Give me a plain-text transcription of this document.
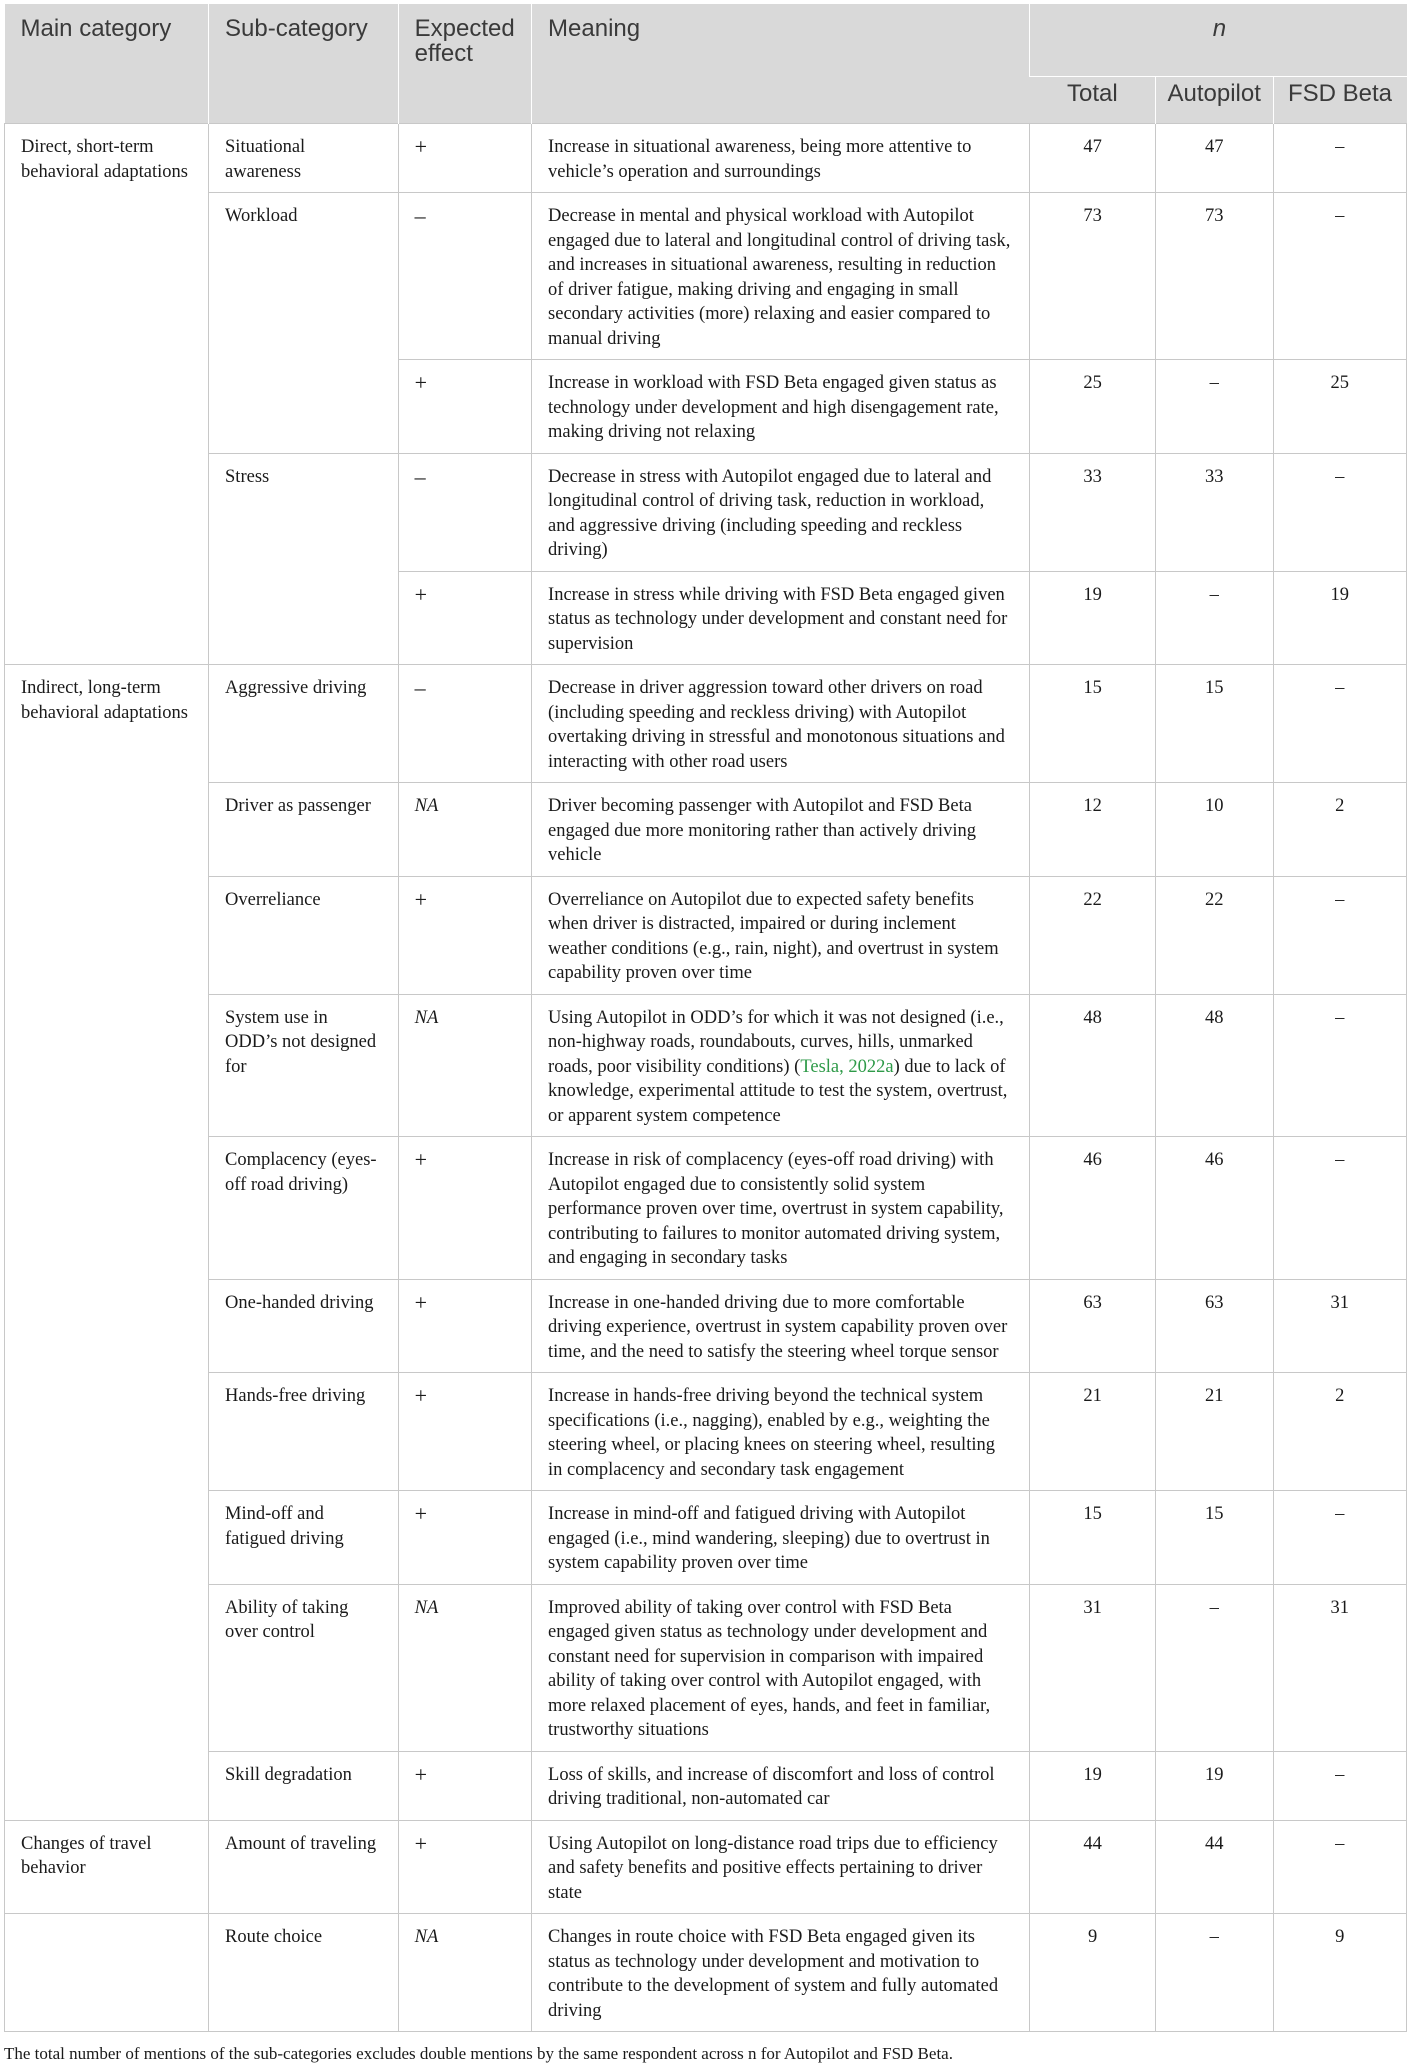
Main category	Sub-category	Expected effect	Meaning	n		
				Total	Autopilot	FSD Beta
Direct, short-term behavioral adaptations	Situational awareness	+	Increase in situational awareness, being more attentive to vehicle’s operation and surroundings	47	47	–
	Workload	–	Decrease in mental and physical workload with Autopilot engaged due to lateral and longitudinal control of driving task, and increases in situational awareness, resulting in reduction of driver fatigue, making driving and engaging in small secondary activities (more) relaxing and easier compared to manual driving	73	73	–
		+	Increase in workload with FSD Beta engaged given status as technology under development and high disengagement rate, making driving not relaxing	25	–	25
	Stress	–	Decrease in stress with Autopilot engaged due to lateral and longitudinal control of driving task, reduction in workload, and aggressive driving (including speeding and reckless driving)	33	33	–
		+	Increase in stress while driving with FSD Beta engaged given status as technology under development and constant need for supervision	19	–	19
Indirect, long-term behavioral adaptations	Aggressive driving	–	Decrease in driver aggression toward other drivers on road (including speeding and reckless driving) with Autopilot overtaking driving in stressful and monotonous situations and interacting with other road users	15	15	–
	Driver as passenger	NA	Driver becoming passenger with Autopilot and FSD Beta engaged due more monitoring rather than actively driving vehicle	12	10	2
	Overreliance	+	Overreliance on Autopilot due to expected safety benefits when driver is distracted, impaired or during inclement weather conditions (e.g., rain, night), and overtrust in system capability proven over time	22	22	–
	System use in ODD’s not designed for	NA	Using Autopilot in ODD’s for which it was not designed (i.e., non-highway roads, roundabouts, curves, hills, unmarked roads, poor visibility conditions) (Tesla, 2022a) due to lack of knowledge, experimental attitude to test the system, overtrust, or apparent system competence	48	48	–
	Complacency (eyes-off road driving)	+	Increase in risk of complacency (eyes-off road driving) with Autopilot engaged due to consistently solid system performance proven over time, overtrust in system capability, contributing to failures to monitor automated driving system, and engaging in secondary tasks	46	46	–
	One-handed driving	+	Increase in one-handed driving due to more comfortable driving experience, overtrust in system capability proven over time, and the need to satisfy the steering wheel torque sensor	63	63	31
	Hands-free driving	+	Increase in hands-free driving beyond the technical system specifications (i.e., nagging), enabled by e.g., weighting the steering wheel, or placing knees on steering wheel, resulting in complacency and secondary task engagement	21	21	2
	Mind-off and fatigued driving	+	Increase in mind-off and fatigued driving with Autopilot engaged (i.e., mind wandering, sleeping) due to overtrust in system capability proven over time	15	15	–
	Ability of taking over control	NA	Improved ability of taking over control with FSD Beta engaged given status as technology under development and constant need for supervision in comparison with impaired ability of taking over control with Autopilot engaged, with more relaxed placement of eyes, hands, and feet in familiar, trustworthy situations	31	–	31
	Skill degradation	+	Loss of skills, and increase of discomfort and loss of control driving traditional, non-automated car	19	19	–
Changes of travel behavior	Amount of traveling	+	Using Autopilot on long-distance road trips due to efficiency and safety benefits and positive effects pertaining to driver state	44	44	–
	Route choice	NA	Changes in route choice with FSD Beta engaged given its status as technology under development and motivation to contribute to the development of system and fully automated driving	9	–	9
The total number of mentions of the sub-categories excludes double mentions by the same respondent across n for Autopilot and FSD Beta.
